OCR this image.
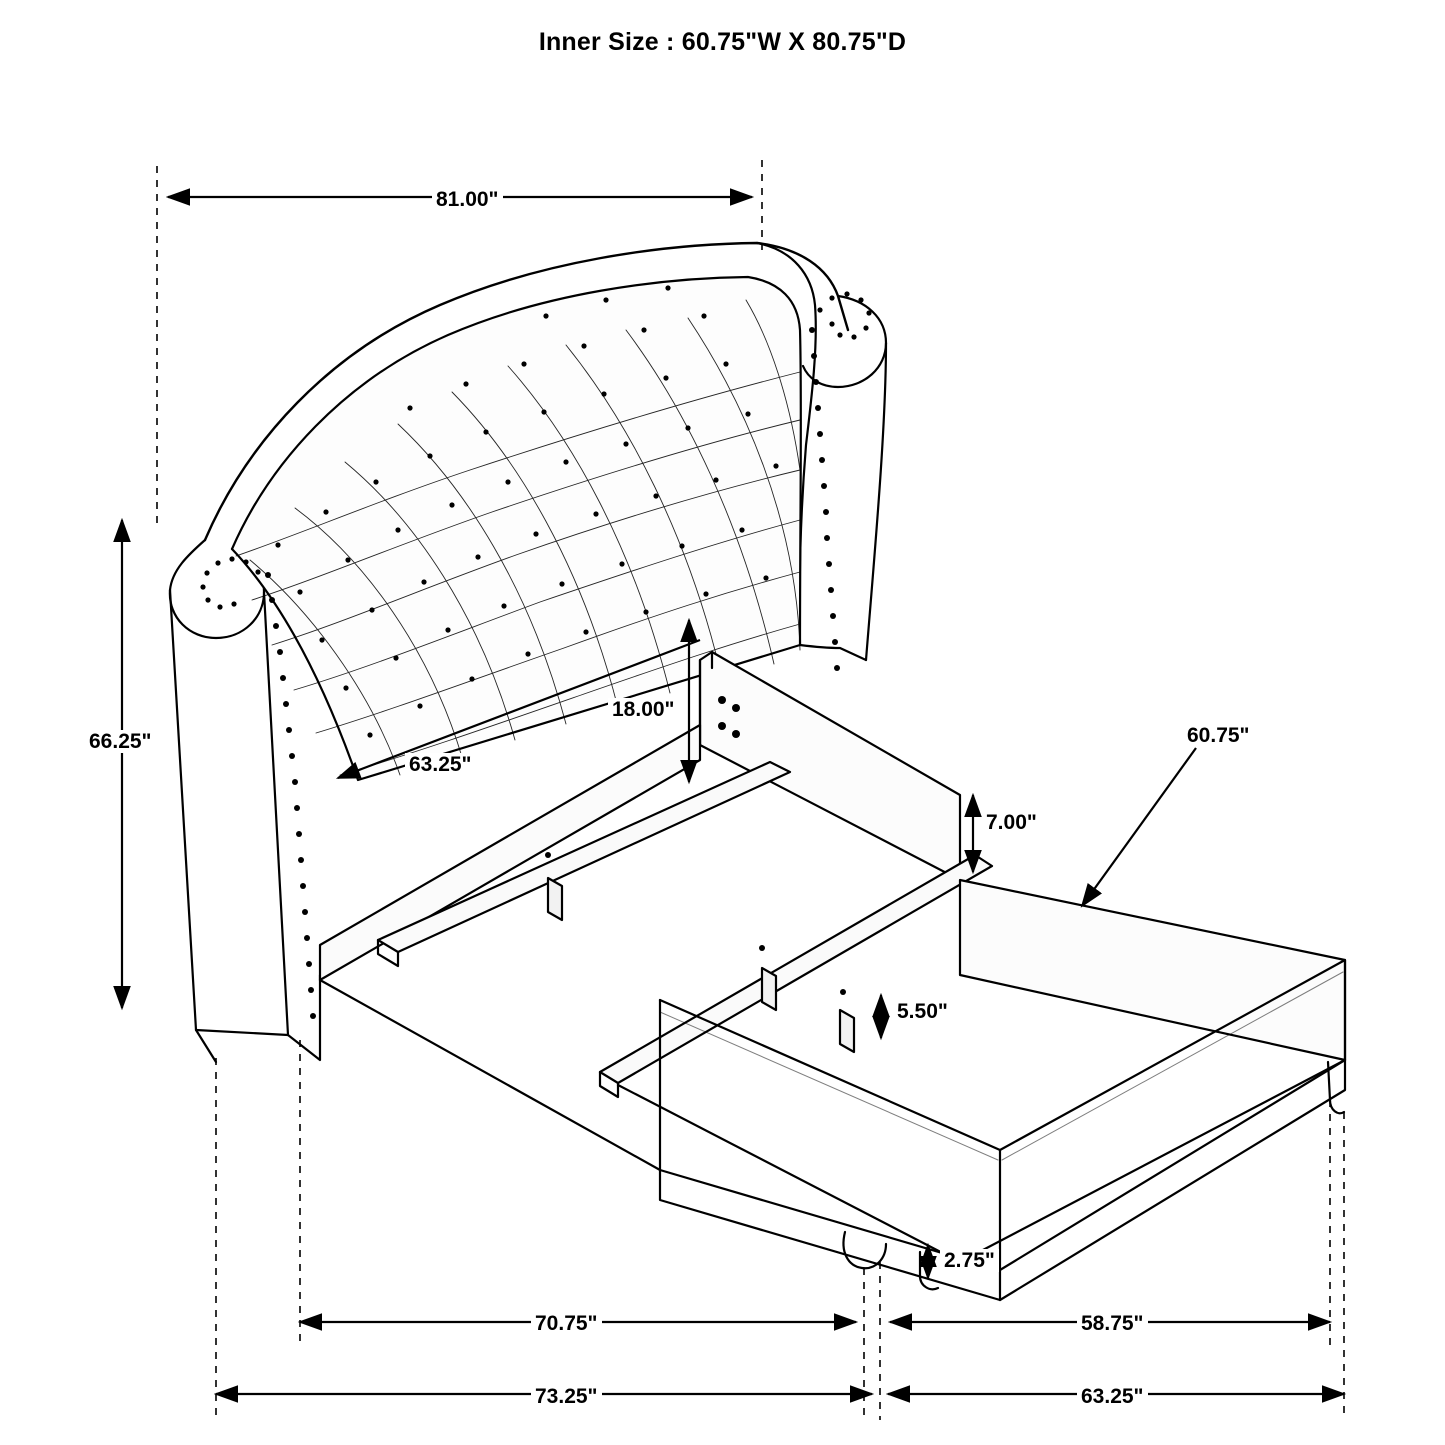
Inner Size : 60.75"W X 80.75"D
81.00"
66.25"
63.25"
18.00"
7.00"
60.75"
5.50"
2.75"
70.75"	58.75"
73.25"	63.25"
